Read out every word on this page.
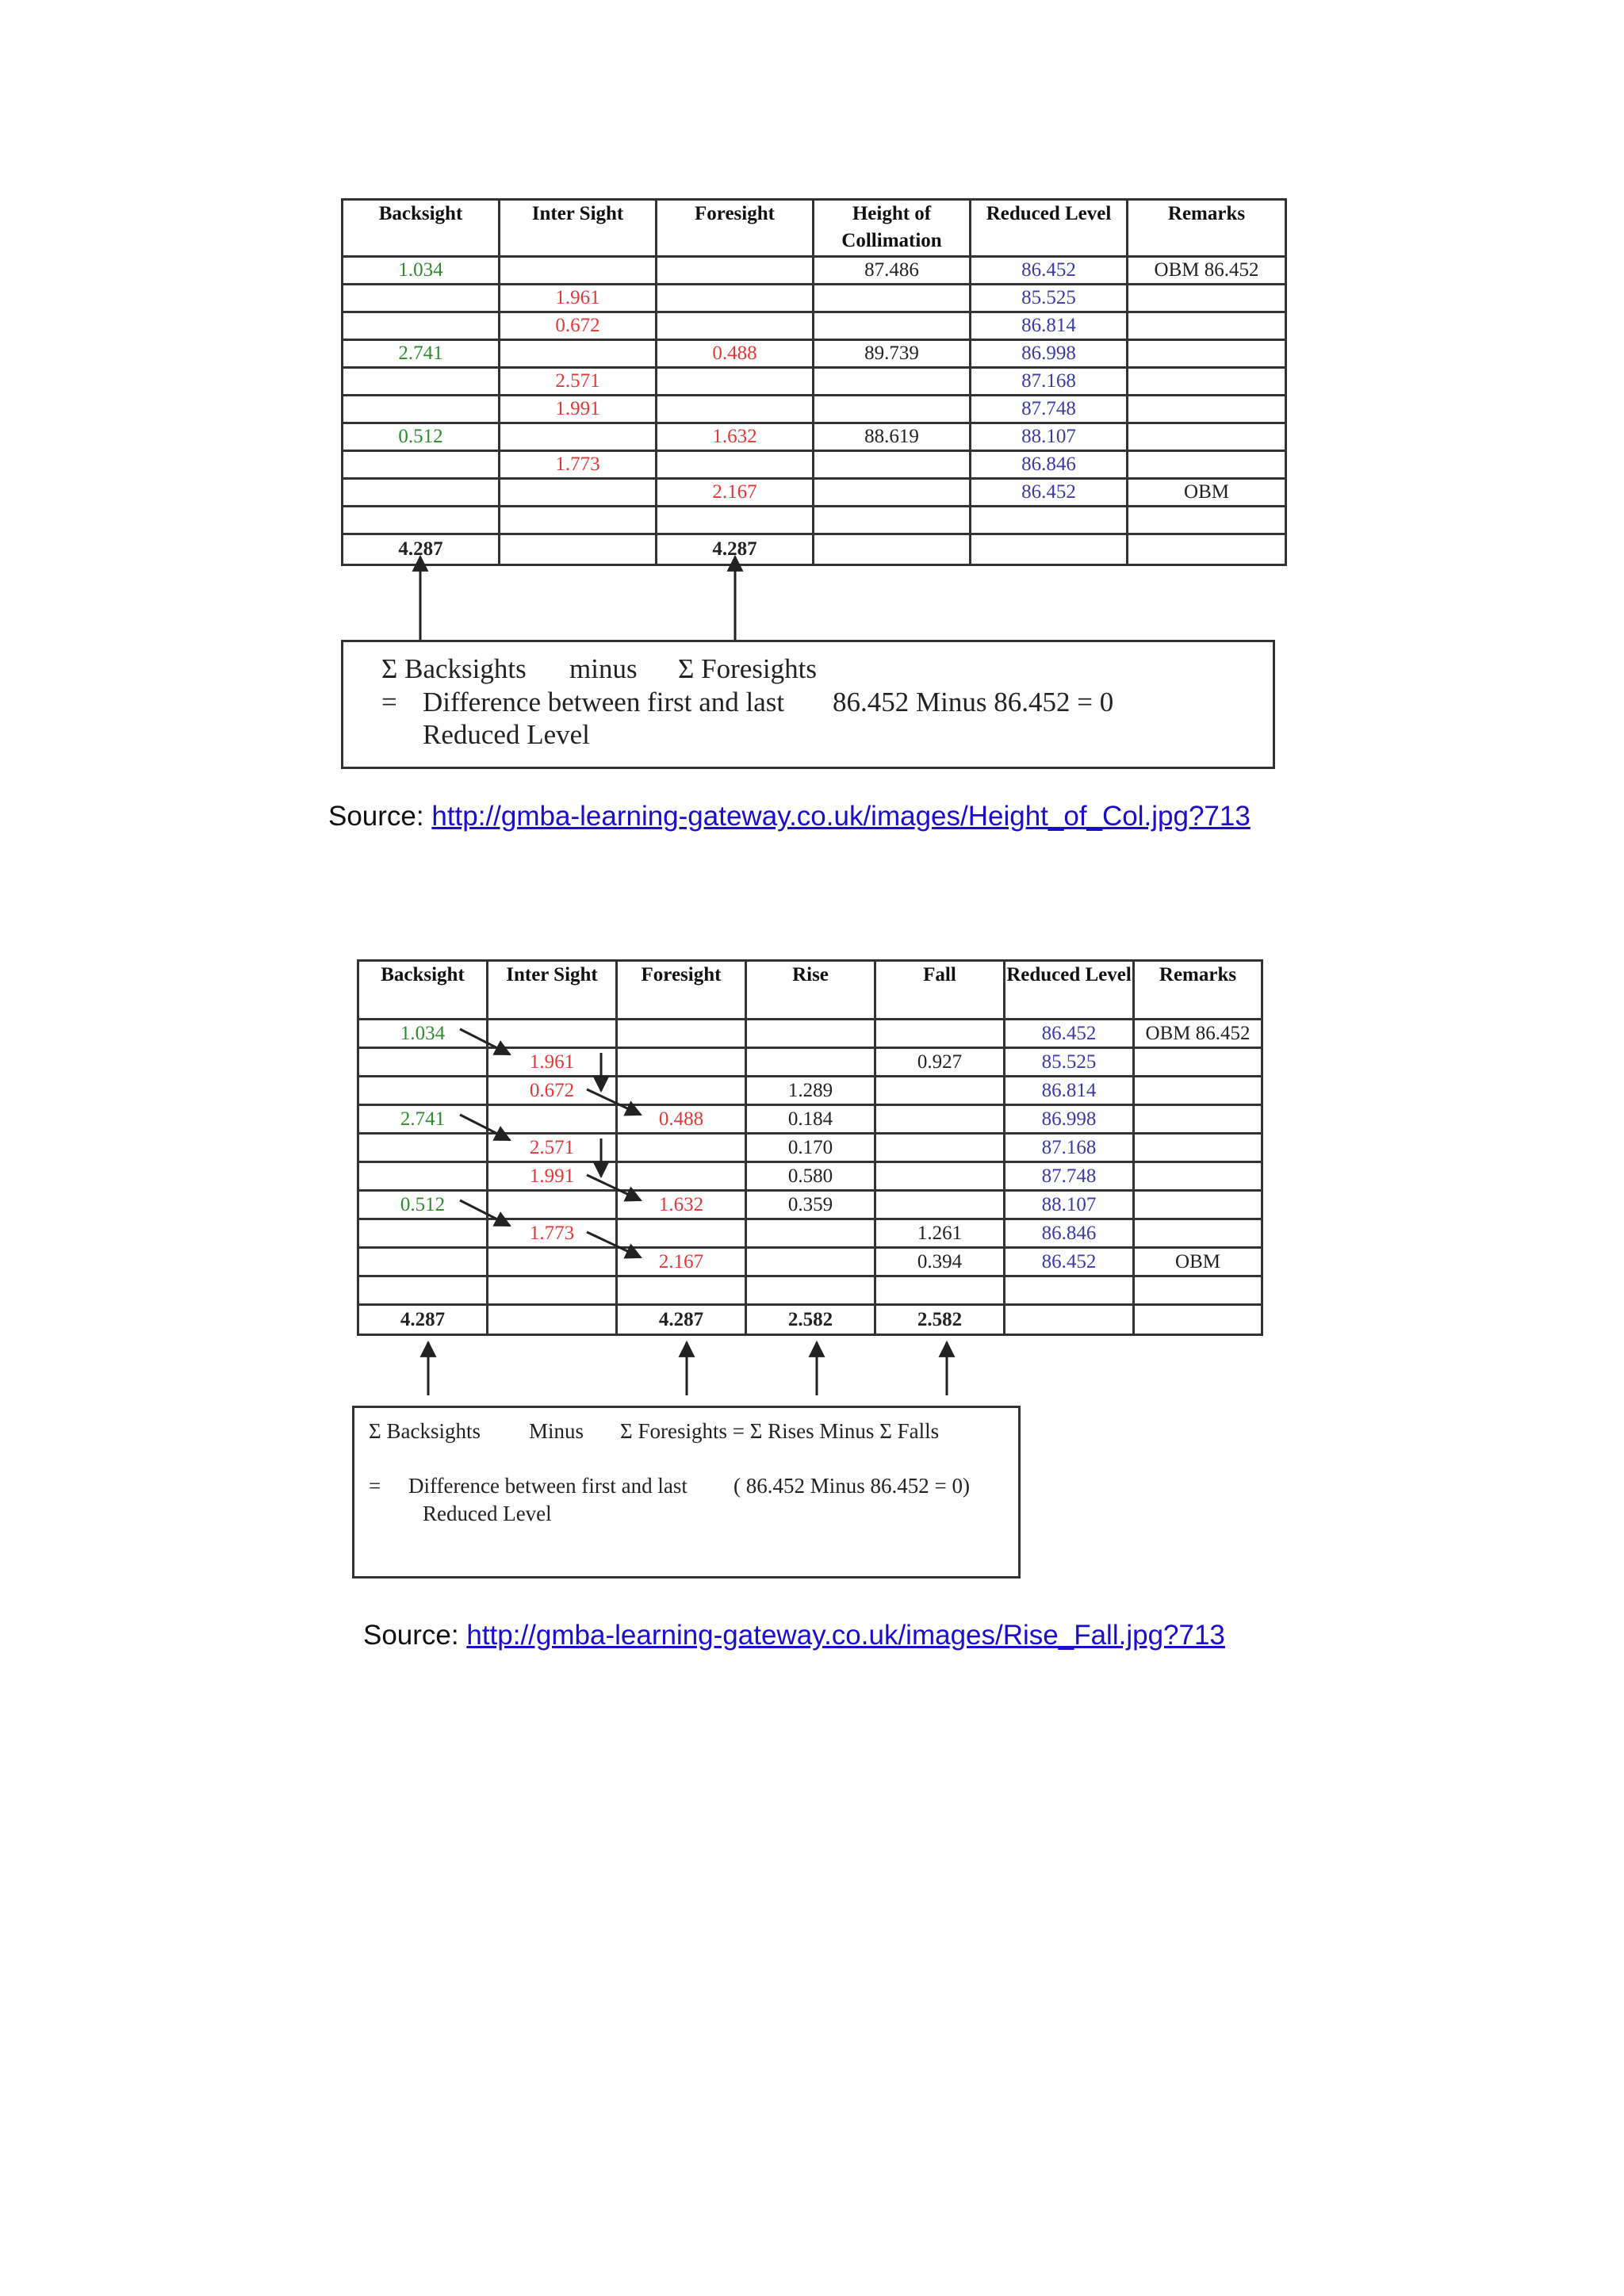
Backsight	Inter Sight	Foresight	Height of Collimation	Reduced Level	Remarks
1.034			87.486	86.452	OBM 86.452
	1.961			85.525	
	0.672			86.814	
2.741		0.488	89.739	86.998	
	2.571			87.168	
	1.991			87.748	
0.512		1.632	88.619	88.107	
	1.773			86.846	
		2.167		86.452	OBM

4.287		4.287			
Σ Backsights minus Σ Foresights
= Difference between first and last 86.452 Minus 86.452 = 0
Reduced Level
Source: http://gmba-learning-gateway.co.uk/images/Height_of_Col.jpg?713
Backsight	Inter Sight	Foresight	Rise	Fall	Reduced Level	Remarks
1.034					86.452	OBM 86.452
	1.961			0.927	85.525	
	0.672		1.289		86.814	
2.741		0.488	0.184		86.998	
	2.571		0.170		87.168	
	1.991		0.580		87.748	
0.512		1.632	0.359		88.107	
	1.773			1.261	86.846	
		2.167		0.394	86.452	OBM

4.287		4.287	2.582	2.582		
Σ Backsights Minus Σ Foresights = Σ Rises Minus Σ Falls
= Difference between first and last ( 86.452 Minus 86.452 = 0)
Reduced Level
Source: http://gmba-learning-gateway.co.uk/images/Rise_Fall.jpg?713
